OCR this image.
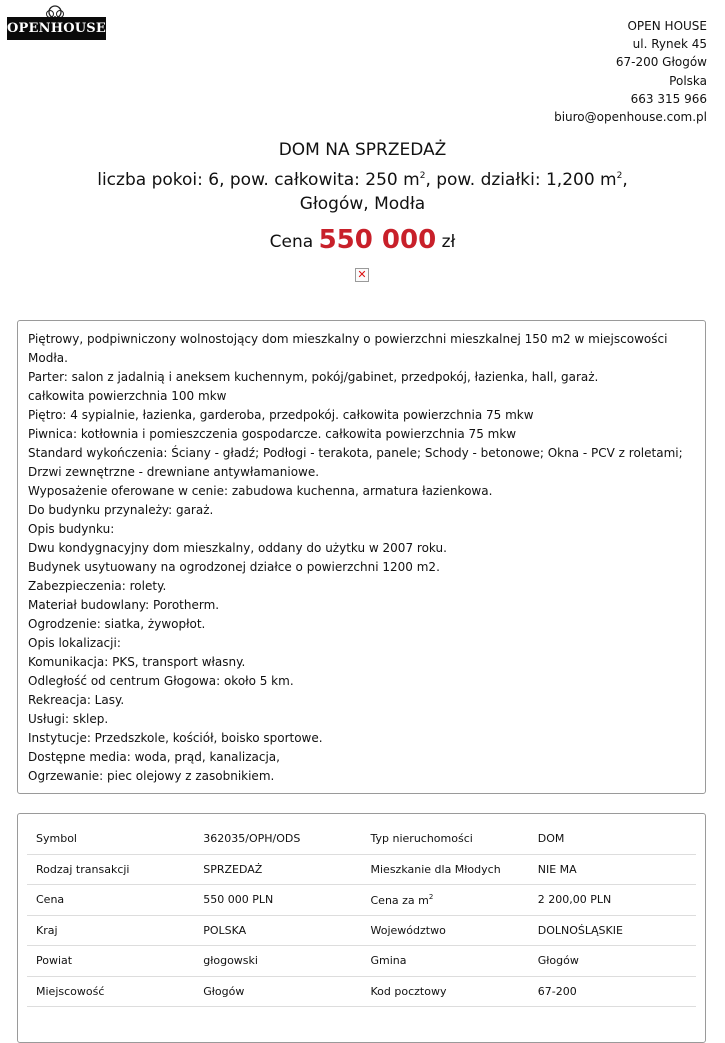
OPENHOUSE	OPEN HOUSE
ul. Rynek 45
67-200 Głogów
Polska
663 315 966
biuro@openhouse.com.pl
DOM NA SPRZEDAŻ
liczba pokoi: 6, pow. całkowita: 250 $m^2$, pow. działki: 1,200 $m^2$,
Głogów, Modła
Cena 550 000 zł
✕

Piętrowy, podpiwniczony wolnostojący dom mieszkalny o powierzchni mieszkalnej 150 m2 w miejscowości Modła.

Parter: salon z jadalnią i aneksem kuchennym, pokój/gabinet, przedpokój, łazienka, hall, garaż.

całkowita powierzchnia 100 mkw

Piętro: 4 sypialnie, łazienka, garderoba, przedpokój. całkowita powierzchnia 75 mkw

Piwnica: kotłownia i pomieszczenia gospodarcze. całkowita powierzchnia 75 mkw

Standard wykończenia: Ściany - gładź; Podłogi - terakota, panele; Schody - betonowe; Okna - PCV z roletami; Drzwi zewnętrzne - drewniane antywłamaniowe.

Wyposażenie oferowane w cenie: zabudowa kuchenna, armatura łazienkowa.

Do budynku przynależy: garaż.

Opis budynku:

Dwu kondygnacyjny dom mieszkalny, oddany do użytku w 2007 roku.

Budynek usytuowany na ogrodzonej działce o powierzchni 1200 m2.

Zabezpieczenia: rolety.

Materiał budowlany: Porotherm.

Ogrodzenie: siatka, żywopłot.

Opis lokalizacji:

Komunikacja: PKS, transport własny.

Odległość od centrum Głogowa: około 5 km.

Rekreacja: Lasy.

Usługi: sklep.

Instytucje: Przedszkole, kościół, boisko sportowe.

Dostępne media: woda, prąd, kanalizacja,

Ogrzewanie: piec olejowy z zasobnikiem.

Symbol	362035/OPH/ODS	Typ nieruchomości	DOM
Rodzaj transakcji	SPRZEDAŻ	Mieszkanie dla Młodych	NIE MA
Cena	550 000 PLN	Cena za $m^2$	2 200,00 PLN
Kraj	POLSKA	Województwo	DOLNOŚLĄSKIE
Powiat	głogowski	Gmina	Głogów
Miejscowość	Głogów	Kod pocztowy	67-200
